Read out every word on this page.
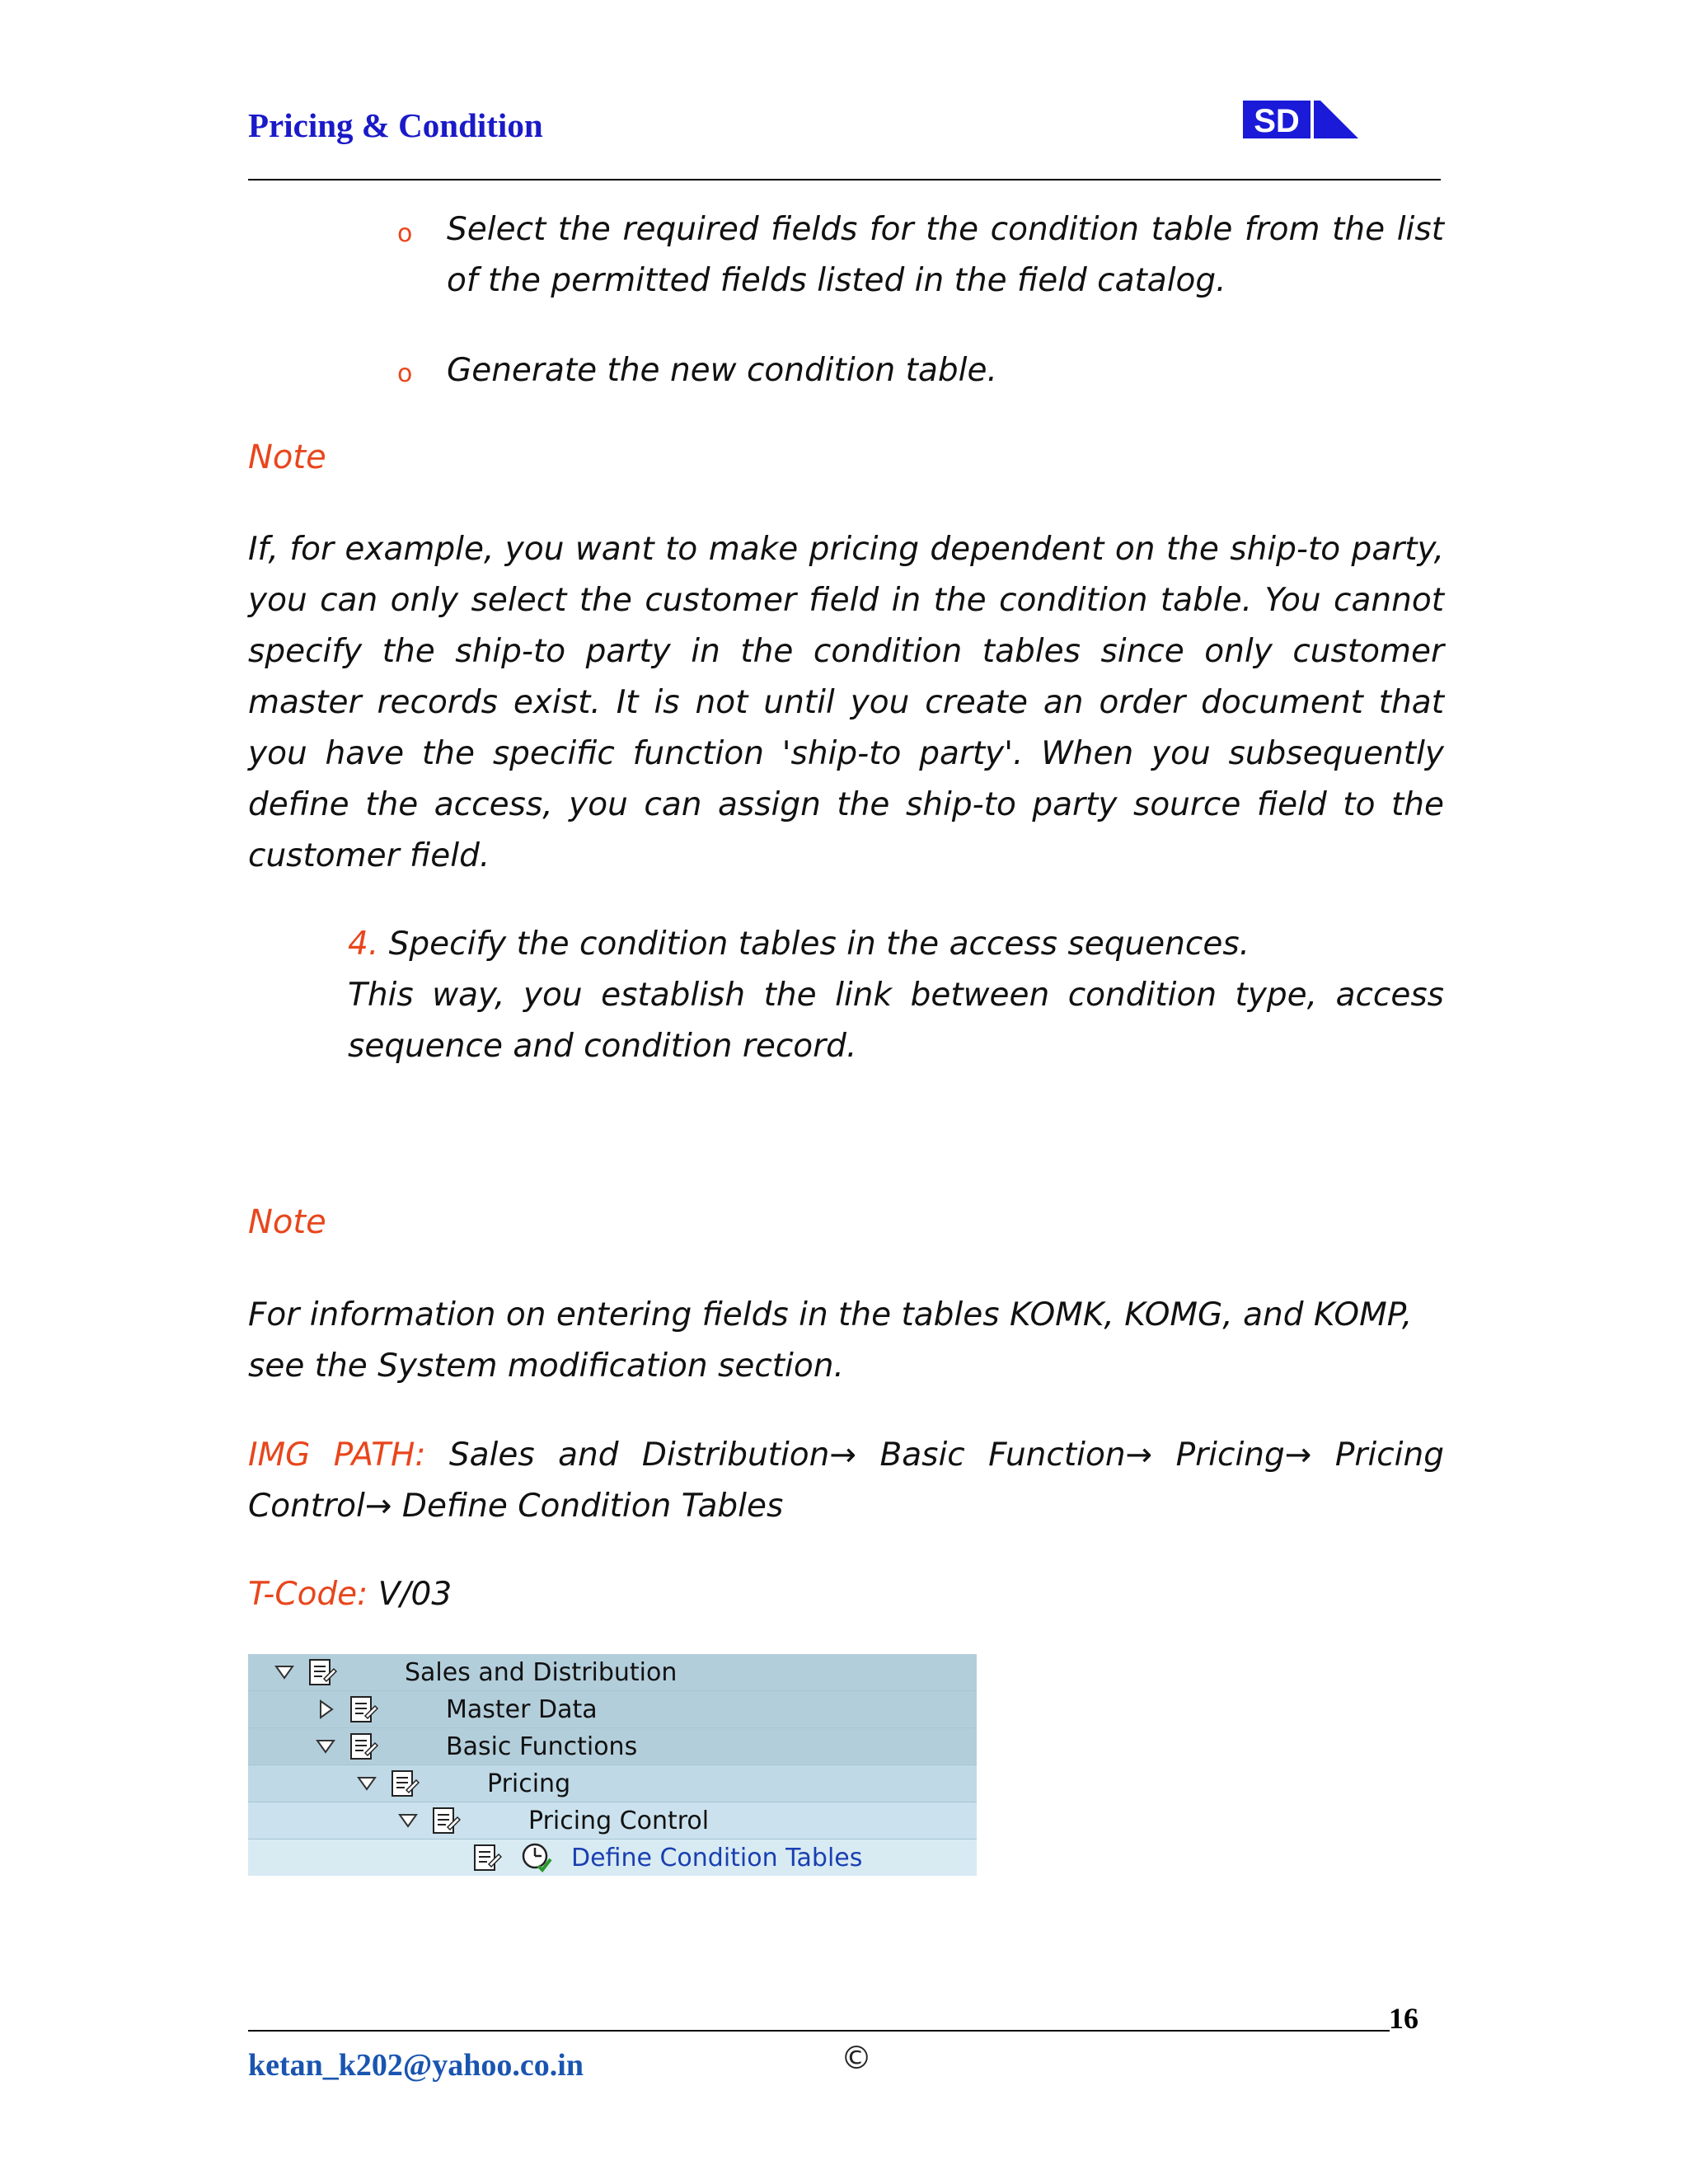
Pricing & Condition	SD
o Select the required fields for the condition table from the list of the permitted fields listed in the field catalog.
o Generate the new condition table.
Note
If, for example, you want to make pricing dependent on the ship-to party, you can only select the customer field in the condition table. You cannot specify the ship-to party in the condition tables since only customer master records exist. It is not until you create an order document that you have the specific function 'ship-to party'. When you subsequently define the access, you can assign the ship-to party source field to the customer field.
4. Specify the condition tables in the access sequences.
This way, you establish the link between condition type, access sequence and condition record.
Note
For information on entering fields in the tables KOMK, KOMG, and KOMP, see the System modification section.
IMG PATH: Sales and Distribution→ Basic Function→ Pricing→ Pricing Control→ Define Condition Tables
T-Code: V/03
Sales and Distribution
Master Data
Basic Functions
Pricing
Pricing Control
Define Condition Tables
16
ketan_k202@yahoo.co.in	©
